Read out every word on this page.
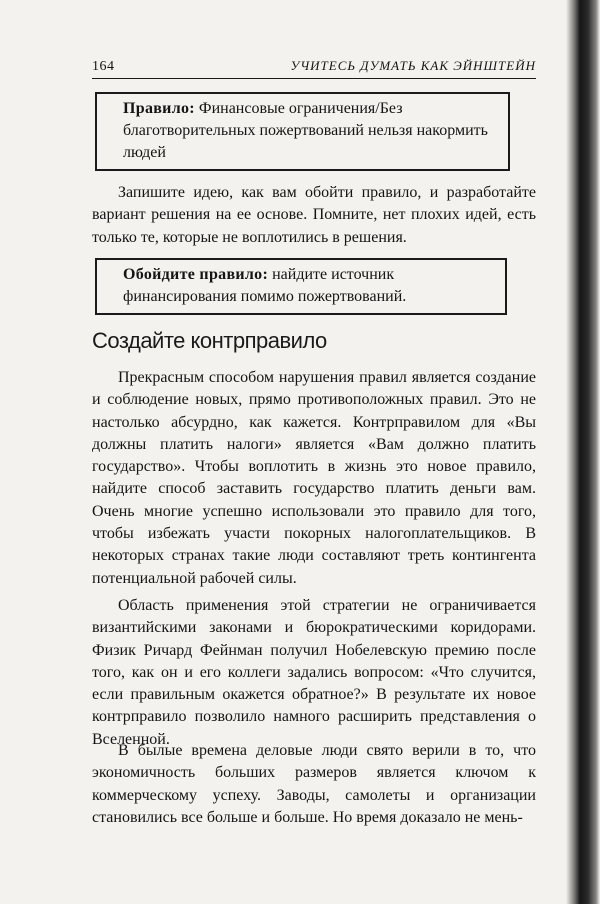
164	УЧИТЕСЬ ДУМАТЬ КАК ЭЙНШТЕЙН
Правило: Финансовые ограничения/Без благотворительных пожертвований нельзя накормить людей

Запишите идею, как вам обойти правило, и разработайте вариант решения на ее основе. Помните, нет плохих идей, есть только те, которые не воплотились в решения.

Обойдите правило: найдите источник финансирования помимо пожертвований.
Создайте контрправило

Прекрасным способом нарушения правил является создание и соблюдение новых, прямо противоположных правил. Это не настолько абсурдно, как кажется. Контрправилом для «Вы должны платить налоги» является «Вам должно платить государство». Чтобы воплотить в жизнь это новое правило, найдите способ заставить государство платить деньги вам. Очень многие успешно использовали это правило для того, чтобы избежать участи покорных налогоплательщиков. В некоторых странах такие люди составляют треть контингента потенциальной рабочей силы.

Область применения этой стратегии не ограничивается византийскими законами и бюрократическими коридорами. Физик Ричард Фейнман получил Нобелевскую премию после того, как он и его коллеги задались вопросом: «Что случится, если правильным окажется обратное?» В результате их новое контрправило позволило намного расширить представления о Вселенной.

В былые времена деловые люди свято верили в то, что экономичность больших размеров является ключом к коммерческому успеху. Заводы, самолеты и организации становились все больше и больше. Но время доказало не мень-
